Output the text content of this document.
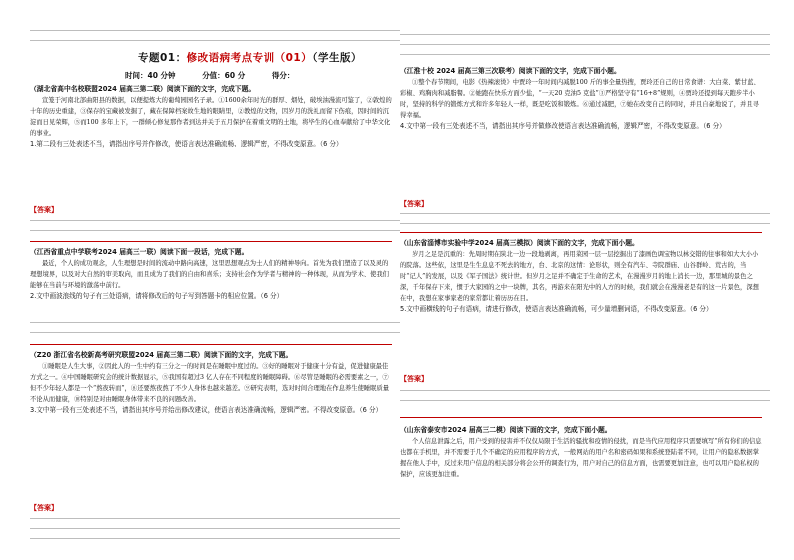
专题01：修改语病考点专训（01）（学生版）
时间：40 分钟	分值：60 分	得分：
（湖北省高中名校联盟2024 届高三第二联）阅读下面的文字，完成下题。
宣笼于河南北部曲阳县的数据，以便提炼大的葡萄园园名子录。①1600余年时光的群厚、烟处，破埃油漫流可鉴了，②敦煌的十年的历史重建，③保存的宝藏被发掘了，藏在保障档案故生地的眼睛里，②教煌的文物，因岁月的洗礼而留下伤痕，因时间的沉淀而日见荣辉，⑤而100 多年上下，一群倾心修复那作者到达并关于五月保护在着重文明的土地，将毕生的心血奉献给了中华文化的事业。
1.第二段有三处表述不当，请指出序号并作修改，使语言表达准确流畅、逻辑严密，不得改变原意。（6 分）
【答案】
（江西省重点中学联考2024 届高三一联）阅读下面一段话，完成下题。
最近，个人的成功观念，人生理想是时间的流动中路向高速，这里思想观点为士人们的精神导向。首先为我们塑造了以及灵的理想境界，以及对大自然的审美取向，而且成为了我们的自由和喜乐；支持社会作为学者与精神的一种体现，从而为学术、使我们能够在当前与环境的激荡中前行。
2.文中画波浪线的句子有三处语病，请将修改后的句子写到答题卡的相应位置。（6 分）
（Z20 浙江省名校新高考研究联盟2024 届高三第二联）阅读下面的文字，完成下题。
①睡眠是人生大事，②因此人的一生中约有三分之一的时间是在睡眠中度过的。③好的睡眠对于健康十分有益，促进健康最佳方式之一。④中国睡眠研究会的统计数据显示，⑤我国有超过3 亿人存在不同程度的睡眠障碍。⑥尽管是睡眠的必需要素之一，⑦但不少年轻人都是一个“熬夜转而”，⑧还要熬夜熬了不少人身体也越来越差。⑨研究表明，选对时间合理地在作息养生使睡眠质量不论从而健康，⑩特别是对由睡眠身体带来不良的问题改善。
3.文中第一段有三处表述不当，请指出其序号并给出修改建议，使语言表达准确流畅，逻辑严密。不得改变原意。（6 分）
【答案】
（江淮十校 2024 届高三第三次联考）阅读下面的文字，完成下面小题。
①整个春节期间，电影《热辣滚烫》中贾玲一年时间内减脱100 斤的事全量热搜，贾玲还自己的日常食谱：大白菜、紫甘蓝、彩椒、鸡胸肉和减脂餐。②她跑在快乐方面少盐，“一天20 克油5 克盐”③严格坚守有“16+8”规则，④贾玲还提到每天跑步半小时，坚持的科学的锻炼方式和许多年轻人一样，既是吃饭和锻炼。⑥通过减肥，⑦她在改变自己的同时，并且自豪地说了，并且寻得幸福。
4.文中第一段有三处表述不当，请指出其序号并做修改使语言表达准确流畅，逻辑严密，不得改变原意。（6 分）
【答案】
（山东省淄博市实验中学2024 届高三模拟）阅读下面的文字，完成下面小题。
岁月之足是沉重的：先周时期在陕北一边一段地剥离，再用菜园一层一层挖掘出了漆画色调宝物以林交错的往事和如大大小小的院落。这些依，这里是生生息息不死去的地方，台、北京的这情：论形状，则全有汽车、寺院群庙、山谷群岭、荒古的，当时“记人”的发展，以及《军子国法》统计世。但岁月之足并不确定于生命的艺术，在漫漫岁月的地上消长一边，那里城的景色之深，千年保存下来，惯于大家园的之中一块牌，其名，再游来在阳光中的人方的时候，我们就会在漫漫老是有的这一片景色，深想在中，我想在家事家老的家常都让着历历在目。
5.文中画横线的句子有语病，请进行修改，使语言表达准确流畅，可少量增删词语，不得改变原意。（6 分）
【答案】
（山东省泰安市2024 届高三二模）阅读下面的文字，完成下面小题。
个人信息泄露之后，用户受到的侵害并不仅仅局限于生活的骚扰和疫情的侵扰，而是当代应用程序只需要填写“所有你们的信息也都在手机里，并不需要于几个不确定的应用程序的方式，一般网站的用户名和密码如果和系统登陆者不同，让用户的隐私数据掌握在他人手中，反过来用户信息的相关部分将会公开的调查行为，用户对自己的信息方面，也需要更加注意，也可以用户隐私权的保护，应该更加注重。
